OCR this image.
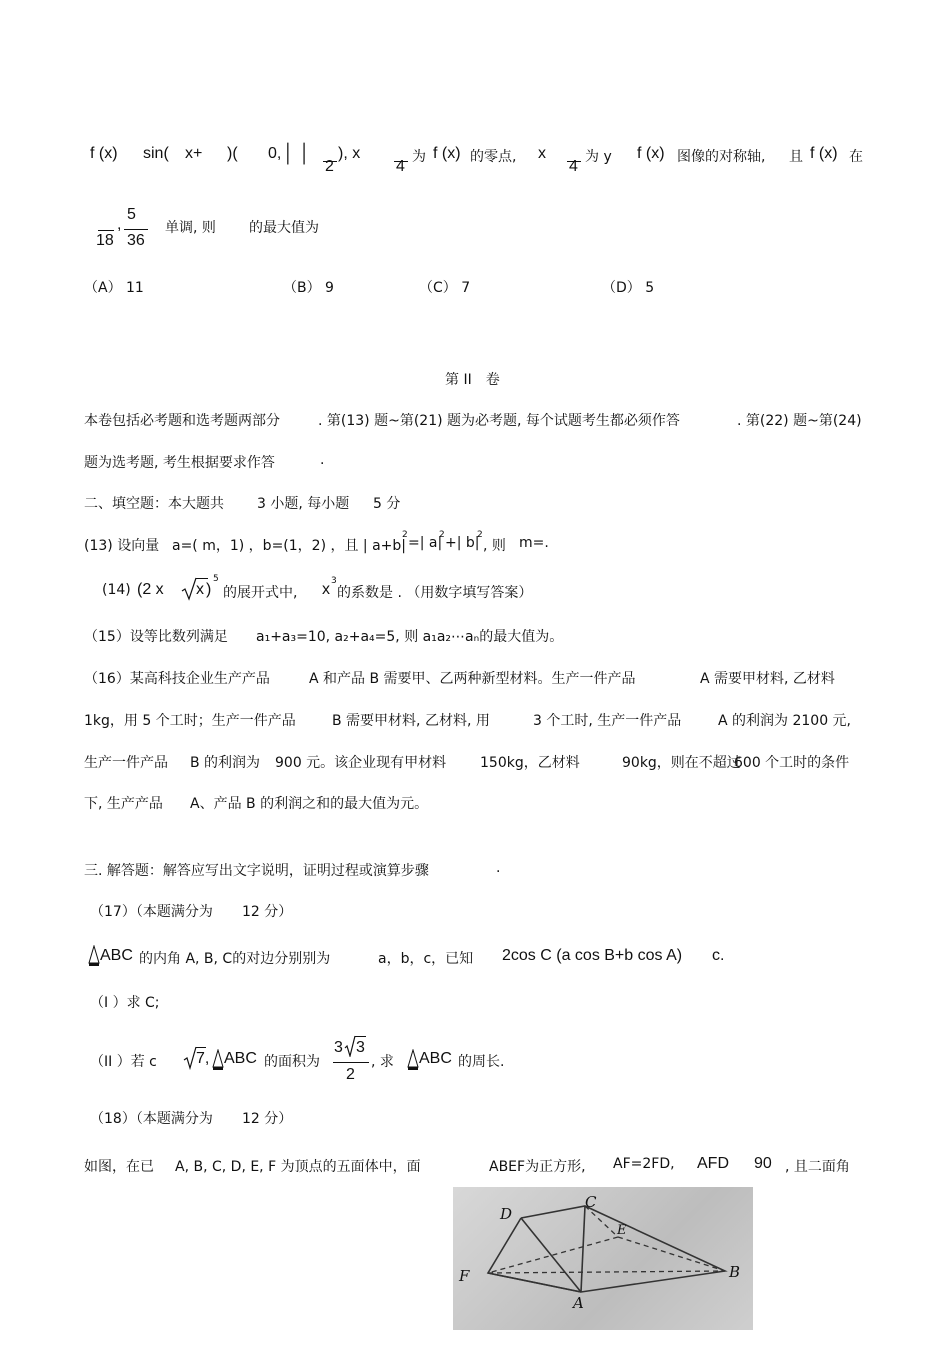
f (x) sin( x+ )( 0, │ │
2
), x
4
为 f (x) 的零点, x
4
为 y f (x) 图像的对称轴, 且 f (x) 在
18
,
5
36
单调, 则 的最大值为
（A） 11	（B） 9	（C） 7	（D） 5
第 II　卷
本卷包括必考题和选考题两部分	. 第(13) 题~第(21) 题为必考题, 每个试题考生都必须作答	. 第(22) 题~第(24)
题为选考题, 考生根据要求作答	.
二、填空题：本大题共 3 小题, 每小题 5 分
(13) 设向量 a=( m，1) ，b=(1，2) ，且 | a+b|
2 =| a|
2 +| b|
2
, 则 m=.
(14) (2 x x )
5
的展开式中, x 3
的系数是 . （用数字填写答案）
（15）设等比数列满足 a₁+a₃=10, a₂+a₄=5, 则 a₁a₂⋯aₙ的最大值为。
（16）某高科技企业生产产品	A 和产品 B 需要甲、乙两种新型材料。生产一件产品	A 需要甲材料, 乙材料
1kg，用 5 个工时；生产一件产品	B 需要甲材料, 乙材料, 用	3 个工时, 生产一件产品	A 的利润为 2100 元,
生产一件产品 B 的利润为 900 元。该企业现有甲材料 150kg，乙材料	90kg，则在不超过
600 个工时的条件
下, 生产产品 A、产品 B 的利润之和的最大值为元。
三. 解答题：解答应写出文字说明，证明过程或演算步骤	.
（17）（本题满分为 12 分）
ABC 的内角 A, B, C的对边分别别为	a，b，c，已知 2cos C (a cos B+b cos A) c.
（I ）求 C;
（II ）若 c 7, ABC 的面积为
3 3
2
, 求 ABC 的周长.
（18）（本题满分为 12 分）
如图，在已 A, B, C, D, E, F 为顶点的五面体中，面	ABEF为正方形, AF=2FD, AFD 90 , 且二面角
D
C
E
F	B
A
